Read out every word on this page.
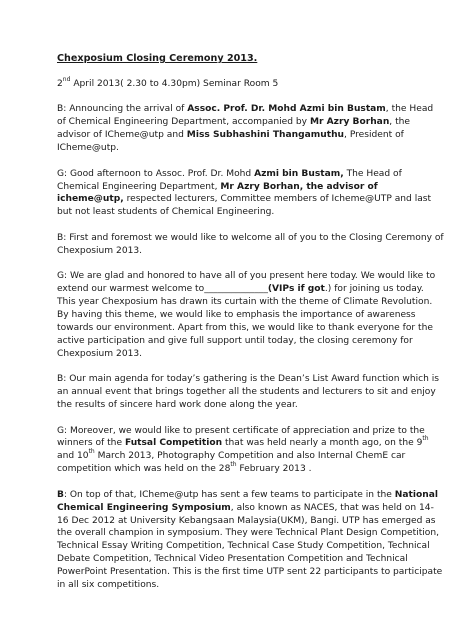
Chexposium Closing Ceremony 2013.

2nd April 2013( 2.30 to 4.30pm) Seminar Room 5

B: Announcing the arrival of Assoc. Prof. Dr. Mohd Azmi bin Bustam, the Head of Chemical Engineering Department, accompanied by Mr Azry Borhan, the advisor of ICheme@utp and Miss Subhashini Thangamuthu, President of ICheme@utp.

G: Good afternoon to Assoc. Prof. Dr. Mohd Azmi bin Bustam, The Head of Chemical Engineering Department, Mr Azry Borhan, the advisor of icheme@utp, respected lecturers, Committee members of Icheme@UTP and last but not least students of Chemical Engineering.

B: First and foremost we would like to welcome all of you to the Closing Ceremony of Chexposium 2013.

G: We are glad and honored to have all of you present here today. We would like to extend our warmest welcome to______________(VIPs if got.) for joining us today. This year Chexposium has drawn its curtain with the theme of Climate Revolution. By having this theme, we would like to emphasis the importance of awareness towards our environment. Apart from this, we would like to thank everyone for the active participation and give full support until today, the closing ceremony for Chexposium 2013.

B: Our main agenda for today’s gathering is the Dean’s List Award function which is an annual event that brings together all the students and lecturers to sit and enjoy the results of sincere hard work done along the year.

G: Moreover, we would like to present certificate of appreciation and prize to the winners of the Futsal Competition that was held nearly a month ago, on the 9th and 10th March 2013, Photography Competition and also Internal ChemE car competition which was held on the 28th February 2013 .

B: On top of that, ICheme@utp has sent a few teams to participate in the National Chemical Engineering Symposium, also known as NACES, that was held on 14-16 Dec 2012 at University Kebangsaan Malaysia(UKM), Bangi. UTP has emerged as the overall champion in symposium. They were Technical Plant Design Competition, Technical Essay Writing Competition, Technical Case Study Competition, Technical Debate Competition, Technical Video Presentation Competition and Technical PowerPoint Presentation. This is the first time UTP sent 22 participants to participate in all six competitions.
